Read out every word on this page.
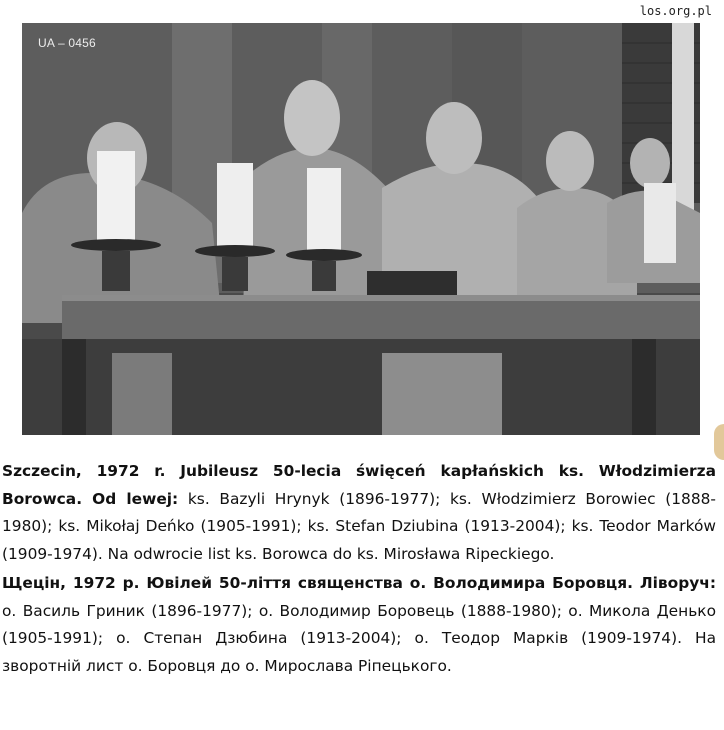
los.org.pl
UA – 0456

Szczecin, 1972 r. Jubileusz 50-lecia święceń kapłańskich ks. Włodzimierza Borowca. Od lewej: ks. Bazyli Hrynyk (1896-1977); ks. Włodzimierz Borowiec (1888-1980); ks. Mikołaj Deńko (1905-1991); ks. Stefan Dziubina (1913-2004); ks. Teodor Marków (1909-1974). Na odwrocie list ks. Borowca do ks. Mirosława Ripeckiego.

Щецін, 1972 р. Ювілей 50-ліття священства о. Володимира Боровця. Ліворуч: о. Василь Гриник (1896-1977); о. Володимир Боровець (1888-1980); о. Микола Денько (1905-1991); о. Степан Дзюбина (1913-2004); о. Теодор Марків (1909-1974). На зворотній лист о. Боровця до о. Мирослава Ріпецького.
